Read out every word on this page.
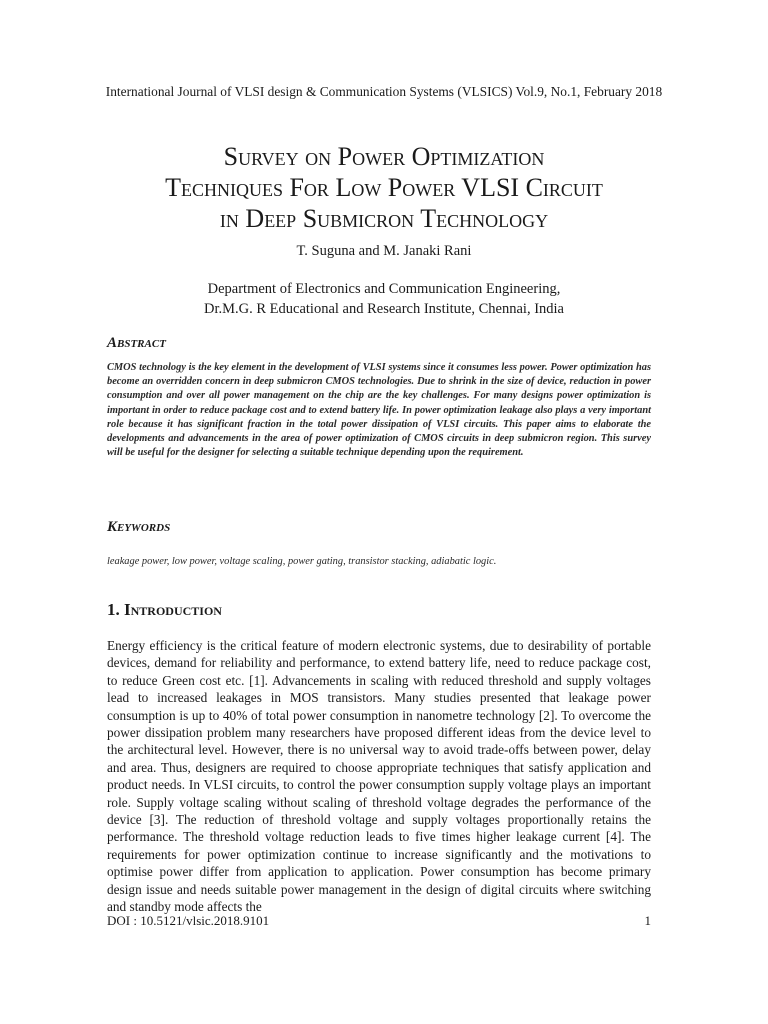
International Journal of VLSI design & Communication Systems (VLSICS) Vol.9, No.1, February 2018
Survey on Power Optimization
Techniques For Low Power VLSI Circuit
in Deep Submicron Technology
T. Suguna and M. Janaki Rani
Department of Electronics and Communication Engineering,
Dr.M.G. R Educational and Research Institute, Chennai, India
Abstract

CMOS technology is the key element in the development of VLSI systems since it consumes less power. Power optimization has become an overridden concern in deep submicron CMOS technologies. Due to shrink in the size of device, reduction in power consumption and over all power management on the chip are the key challenges. For many designs power optimization is important in order to reduce package cost and to extend battery life. In power optimization leakage also plays a very important role because it has significant fraction in the total power dissipation of VLSI circuits. This paper aims to elaborate the developments and advancements in the area of power optimization of CMOS circuits in deep submicron region. This survey will be useful for the designer for selecting a suitable technique depending upon the requirement.

Keywords

leakage power, low power, voltage scaling, power gating, transistor stacking, adiabatic logic.

1. Introduction

Energy efficiency is the critical feature of modern electronic systems, due to desirability of portable devices, demand for reliability and performance, to extend battery life, need to reduce package cost, to reduce Green cost etc. [1]. Advancements in scaling with reduced threshold and supply voltages lead to increased leakages in MOS transistors. Many studies presented that leakage power consumption is up to 40% of total power consumption in nanometre technology [2]. To overcome the power dissipation problem many researchers have proposed different ideas from the device level to the architectural level. However, there is no universal way to avoid trade-offs between power, delay and area. Thus, designers are required to choose appropriate techniques that satisfy application and product needs. In VLSI circuits, to control the power consumption supply voltage plays an important role. Supply voltage scaling without scaling of threshold voltage degrades the performance of the device [3]. The reduction of threshold voltage and supply voltages proportionally retains the performance. The threshold voltage reduction leads to five times higher leakage current [4]. The requirements for power optimization continue to increase significantly and the motivations to optimise power differ from application to application. Power consumption has become primary design issue and needs suitable power management in the design of digital circuits where switching and standby mode affects the

DOI : 10.5121/vlsic.2018.9101	1
